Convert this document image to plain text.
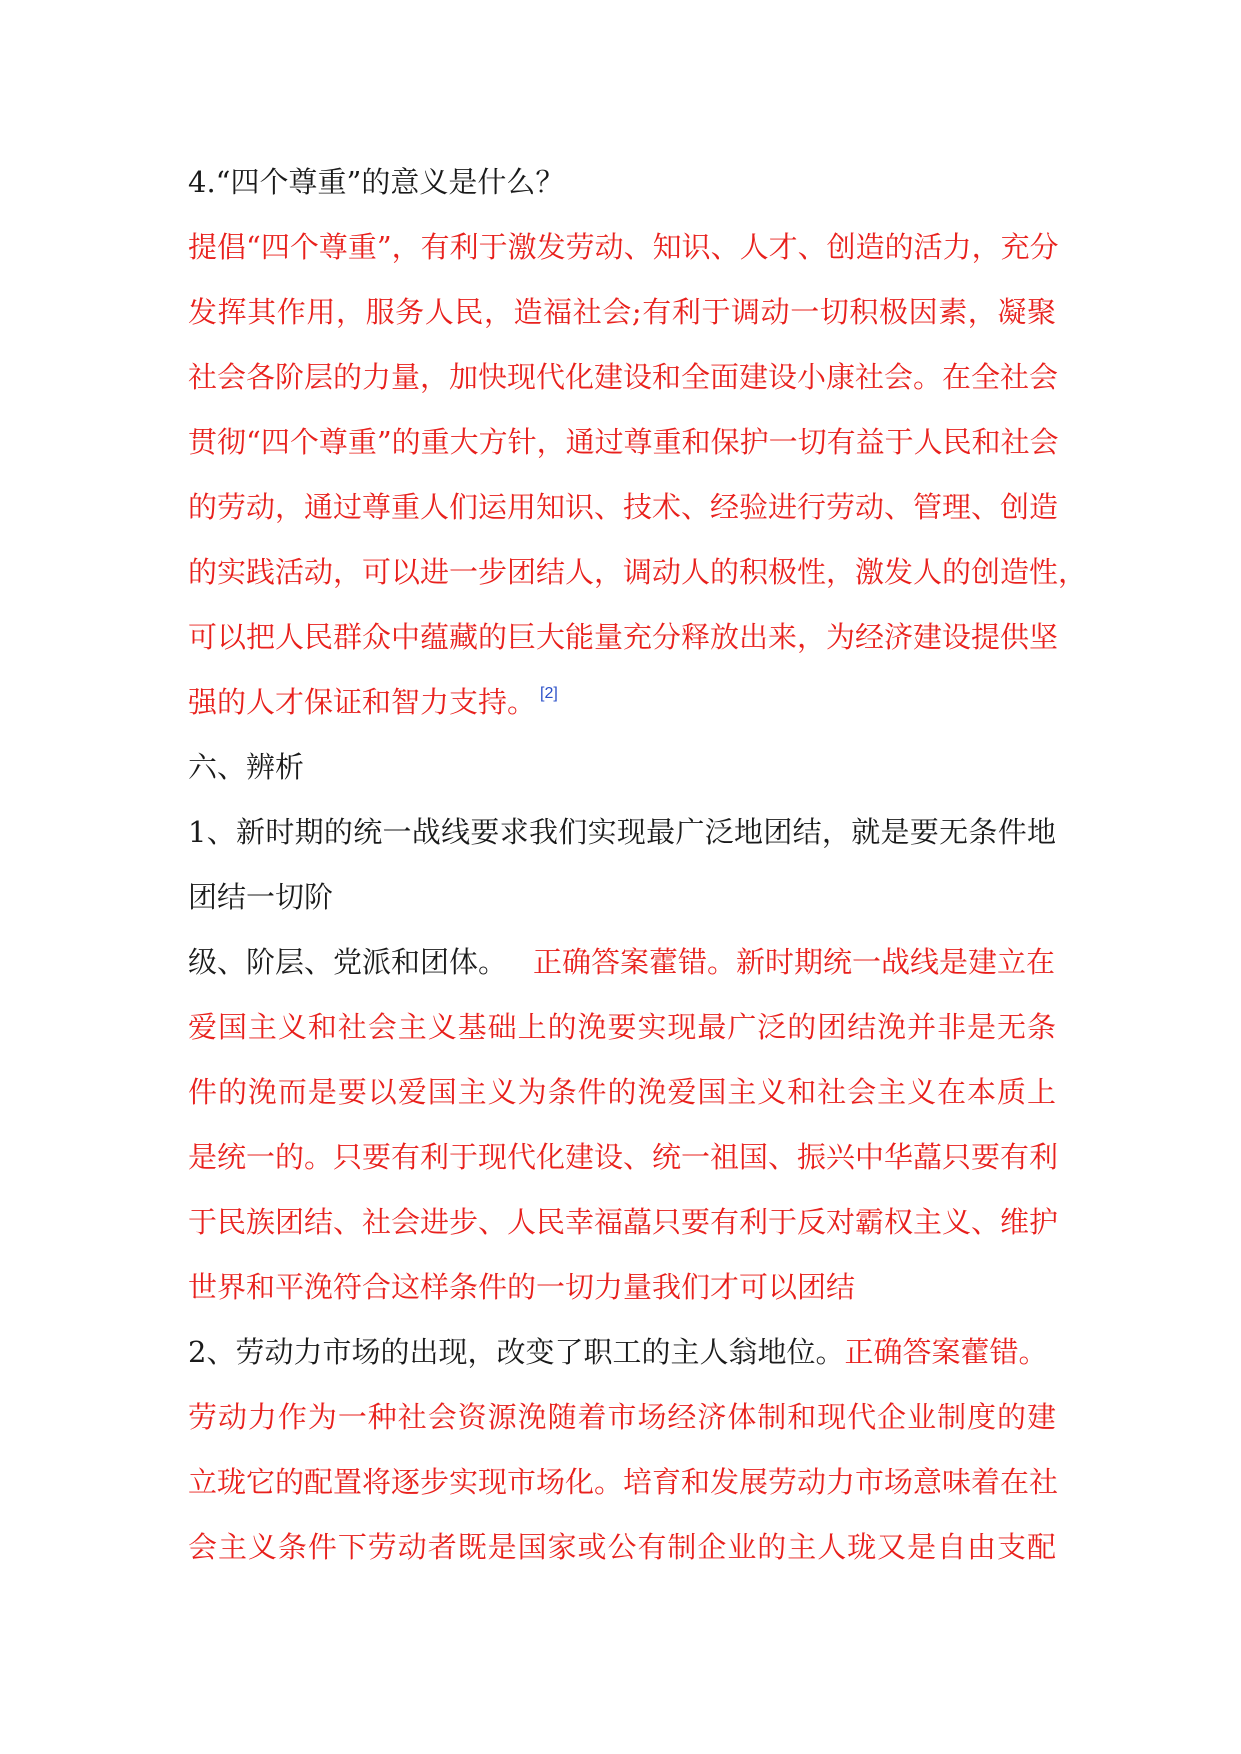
4.“四个尊重”的意义是什么？
提倡“四个尊重”，有利于激发劳动、知识、人才、创造的活力，充分
发挥其作用，服务人民，造福社会;有利于调动一切积极因素，凝聚
社会各阶层的力量，加快现代化建设和全面建设小康社会。在全社会
贯彻“四个尊重”的重大方针，通过尊重和保护一切有益于人民和社会
的劳动，通过尊重人们运用知识、技术、经验进行劳动、管理、创造
的实践活动，可以进一步团结人，调动人的积极性，激发人的创造性，
可以把人民群众中蕴藏的巨大能量充分释放出来，为经济建设提供坚
强的人才保证和智力支持。 [2]
六、辨析
1、新时期的统一战线要求我们实现最广泛地团结，就是要无条件地
团结一切阶
级、阶层、党派和团体。 正确答案藿错。新时期统一战线是建立在
爱国主义和社会主义基础上的浼要实现最广泛的团结浼并非是无条
件的浼而是要以爱国主义为条件的浼爱国主义和社会主义在本质上
是统一的。只要有利于现代化建设、统一祖国、振兴中华藠只要有利
于民族团结、社会进步、人民幸福藠只要有利于反对霸权主义、维护
世界和平浼符合这样条件的一切力量我们才可以团结
2、劳动力市场的出现，改变了职工的主人翁地位。正确答案藿错。
劳动力作为一种社会资源浼随着市场经济体制和现代企业制度的建
立珑它的配置将逐步实现市场化。培育和发展劳动力市场意味着在社
会主义条件下劳动者既是国家或公有制企业的主人珑又是自由支配
